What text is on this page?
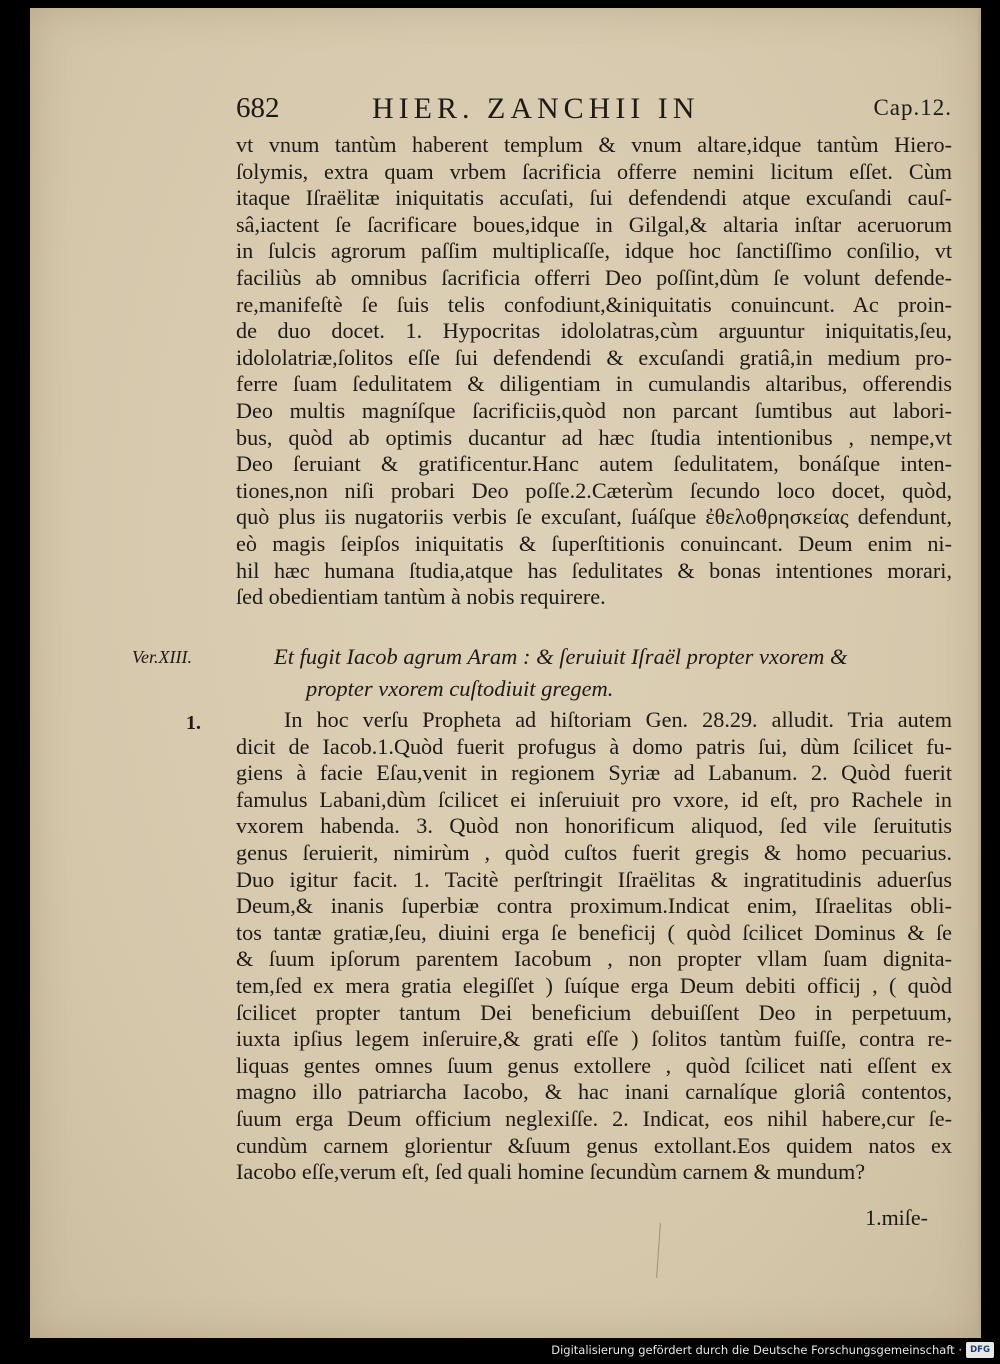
682	HIER. ZANCHII IN	Cap.12.
vt vnum tantùm haberent templum & vnum altare,idque tantùm Hiero-
ſolymis, extra quam vrbem ſacrificia offerre nemini licitum eſſet. Cùm
itaque Iſraëlitæ iniquitatis accuſati, ſui defendendi atque excuſandi cauſ-
sâ,iactent ſe ſacrificare boues,idque in Gilgal,& altaria inſtar aceruorum
in ſulcis agrorum paſſim multiplicaſſe, idque hoc ſanctiſſimo conſilio, vt
faciliùs ab omnibus ſacrificia offerri Deo poſſint,dùm ſe volunt defende-
re,manifeſtè ſe ſuis telis confodiunt,&iniquitatis conuincunt. Ac proin-
de duo docet. 1. Hypocritas idololatras,cùm arguuntur iniquitatis,ſeu,
idololatriæ,ſolitos eſſe ſui defendendi & excuſandi gratiâ,in medium pro-
ferre ſuam ſedulitatem & diligentiam in cumulandis altaribus, offerendis
Deo multis magníſque ſacrificiis,quòd non parcant ſumtibus aut labori-
bus, quòd ab optimis ducantur ad hæc ſtudia intentionibus , nempe,vt
Deo ſeruiant & gratificentur.Hanc autem ſedulitatem, bonáſque inten-
tiones,non niſi probari Deo poſſe.2.Cæterùm ſecundo loco docet, quòd,
quò plus iis nugatoriis verbis ſe excuſant, ſuáſque ἐθελοθρησκείας defendunt,
eò magis ſeipſos iniquitatis & ſuperſtitionis conuincant. Deum enim ni-
hil hæc humana ſtudia,atque has ſedulitates & bonas intentiones morari,
ſed obedientiam tantùm à nobis requirere.
Ver.XIII.	Et fugit Iacob agrum Aram : & ſeruiuit Iſraël propter vxorem &
propter vxorem cuſtodiuit gregem.
1.	In hoc verſu Propheta ad hiſtoriam Gen. 28.29. alludit. Tria autem
dicit de Iacob.1.Quòd fuerit profugus à domo patris ſui, dùm ſcilicet fu-
giens à facie Eſau,venit in regionem Syriæ ad Labanum. 2. Quòd fuerit
famulus Labani,dùm ſcilicet ei inſeruiuit pro vxore, id eſt, pro Rachele in
vxorem habenda. 3. Quòd non honorificum aliquod, ſed vile ſeruitutis
genus ſeruierit, nimirùm , quòd cuſtos fuerit gregis & homo pecuarius.
Duo igitur facit. 1. Tacitè perſtringit Iſraëlitas & ingratitudinis aduerſus
Deum,& inanis ſuperbiæ contra proximum.Indicat enim, Iſraelitas obli-
tos tantæ gratiæ,ſeu, diuini erga ſe beneficij ( quòd ſcilicet Dominus & ſe
& ſuum ipſorum parentem Iacobum , non propter vllam ſuam dignita-
tem,ſed ex mera gratia elegiſſet ) ſuíque erga Deum debiti officij , ( quòd
ſcilicet propter tantum Dei beneficium debuiſſent Deo in perpetuum,
iuxta ipſius legem inſeruire,& grati eſſe ) ſolitos tantùm fuiſſe, contra re-
liquas gentes omnes ſuum genus extollere , quòd ſcilicet nati eſſent ex
magno illo patriarcha Iacobo, & hac inani carnalíque gloriâ contentos,
ſuum erga Deum officium neglexiſſe. 2. Indicat, eos nihil habere,cur ſe-
cundùm carnem glorientur &ſuum genus extollant.Eos quidem natos ex
Iacobo eſſe,verum eſt, ſed quali homine ſecundùm carnem & mundum?
1.miſe-
Digitalisierung gefördert durch die Deutsche Forschungsgemeinschaft · DFG
